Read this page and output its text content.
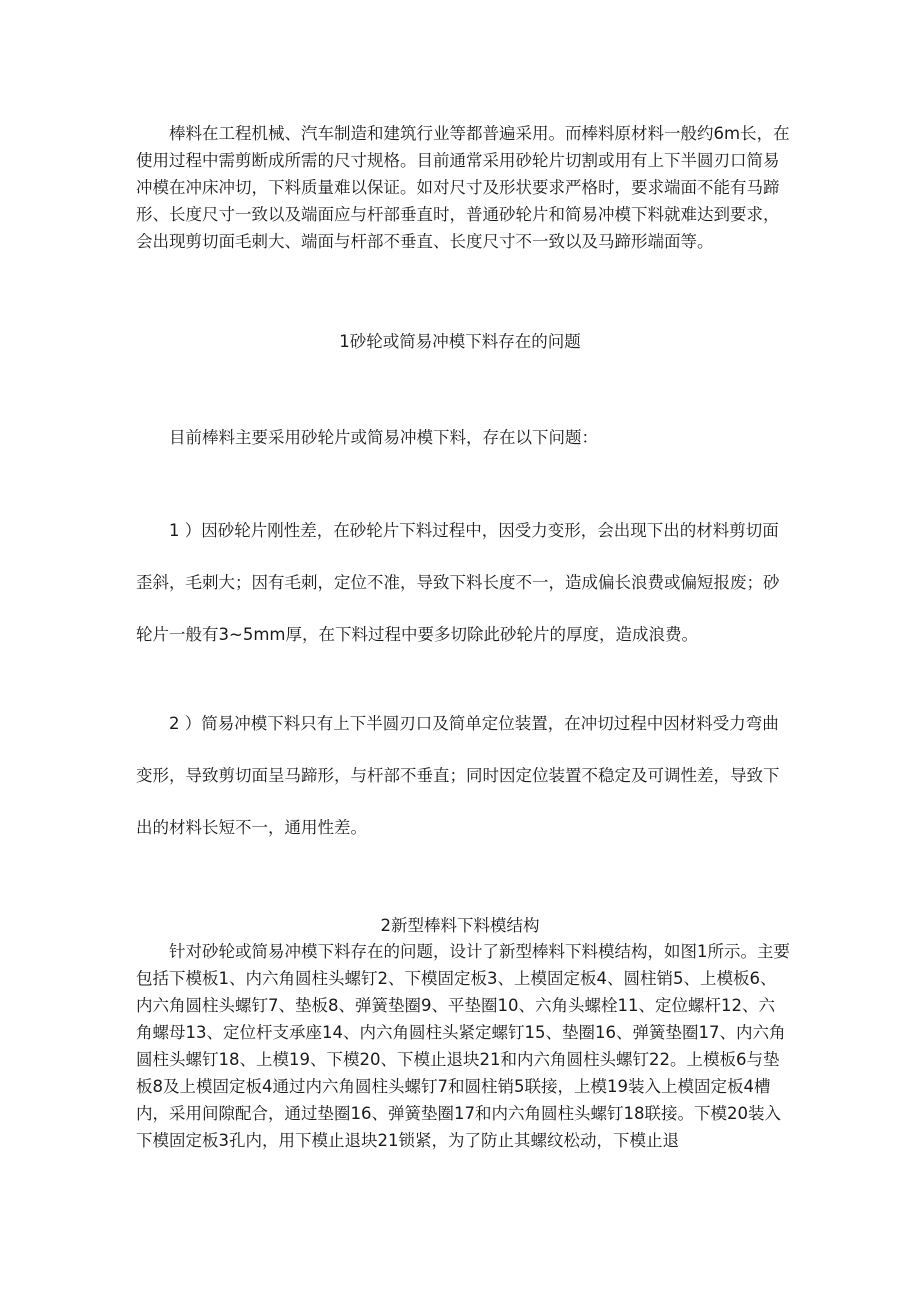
棒料在工程机械、汽车制造和建筑行业等都普遍采用。而棒料原材料一般约6m长，在使用过程中需剪断成所需的尺寸规格。目前通常采用砂轮片切割或用有上下半圆刃口简易冲模在冲床冲切，下料质量难以保证。如对尺寸及形状要求严格时，要求端面不能有马蹄形、长度尺寸一致以及端面应与杆部垂直时，普通砂轮片和简易冲模下料就难达到要求，会出现剪切面毛刺大、端面与杆部不垂直、长度尺寸不一致以及马蹄形端面等。

1砂轮或简易冲模下料存在的问题

目前棒料主要采用砂轮片或简易冲模下料，存在以下问题：

1 ）因砂轮片刚性差，在砂轮片下料过程中，因受力变形，会出现下出的材料剪切面歪斜，毛刺大；因有毛刺，定位不准，导致下料长度不一，造成偏长浪费或偏短报废；砂轮片一般有3~5mm厚，在下料过程中要多切除此砂轮片的厚度，造成浪费。

2 ）简易冲模下料只有上下半圆刃口及简单定位装置，在冲切过程中因材料受力弯曲变形，导致剪切面呈马蹄形，与杆部不垂直；同时因定位装置不稳定及可调性差，导致下出的材料长短不一，通用性差。

2新型棒料下料模结构

针对砂轮或简易冲模下料存在的问题，设计了新型棒料下料模结构，如图1所示。主要包括下模板1、内六角圆柱头螺钉2、下模固定板3、上模固定板4、圆柱销5、上模板6、内六角圆柱头螺钉7、垫板8、弹簧垫圈9、平垫圈10、六角头螺栓11、定位螺杆12、六角螺母13、定位杆支承座14、内六角圆柱头紧定螺钉15、垫圈16、弹簧垫圈17、内六角圆柱头螺钉18、上模19、下模20、下模止退块21和内六角圆柱头螺钉22。上模板6与垫板8及上模固定板4通过内六角圆柱头螺钉7和圆柱销5联接，上模19装入上模固定板4槽内，采用间隙配合，通过垫圈16、弹簧垫圈17和内六角圆柱头螺钉18联接。下模20装入下模固定板3孔内，用下模止退块21锁紧，为了防止其螺纹松动，下模止退
